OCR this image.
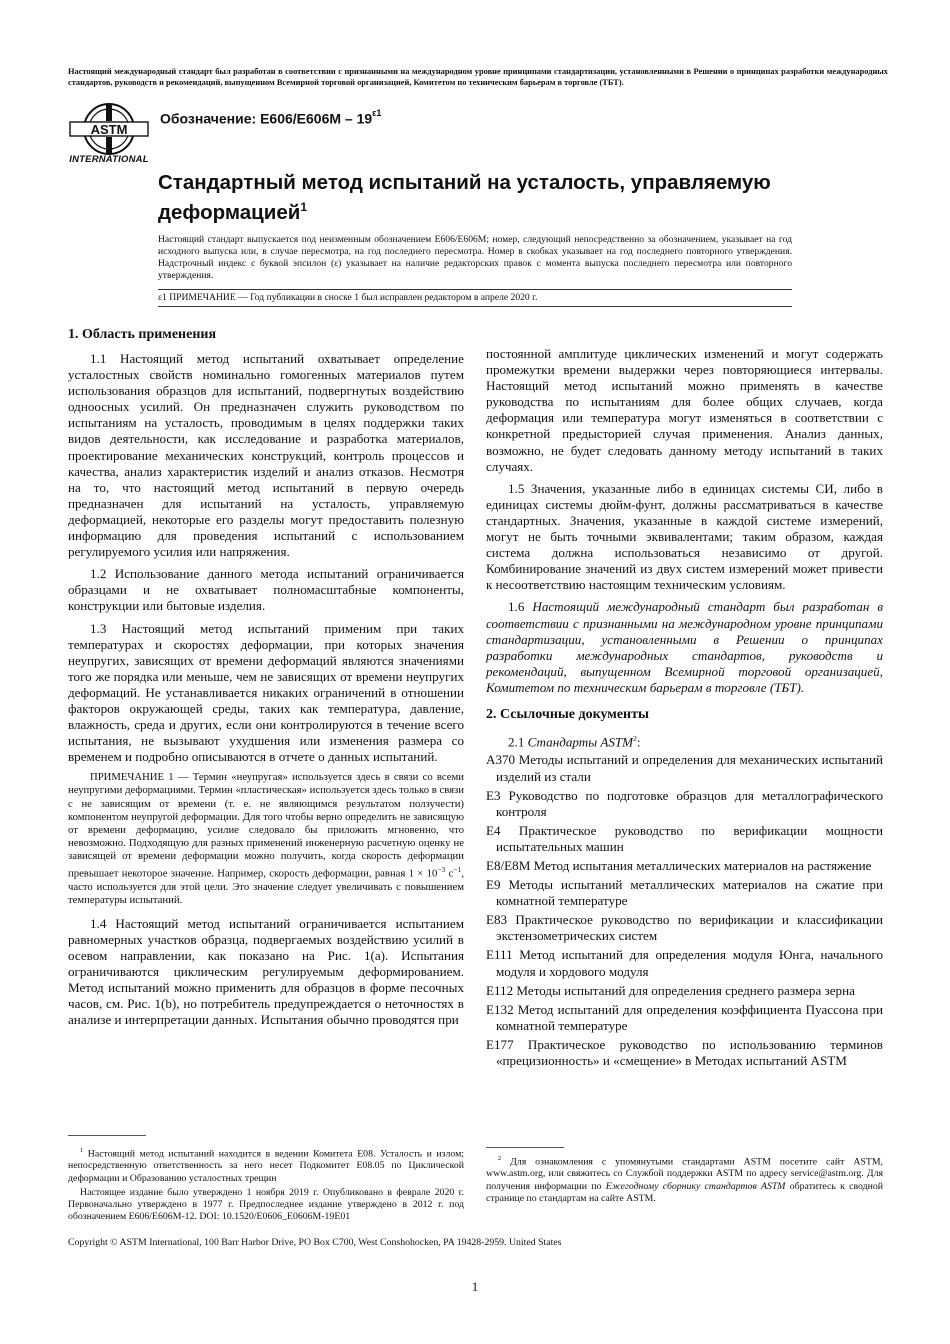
Настоящий международный стандарт был разработан в соответствии с признанными на международном уровне принципами стандартизации, установленными в Решении о принципах разработки международных стандартов, руководств и рекомендаций, выпущенном Всемирной торговой организацией, Комитетом по техническим барьерам в торговле (ТБТ).
ASTM
INTERNATIONAL
Обозначение: $E606/E606M - 19^{\varepsilon 1}$
Стандартный метод испытаний на усталость, управляемую деформацией$^1$
Настоящий стандарт выпускается под неизменным обозначением E606/E606M; номер, следующий непосредственно за обозначением, указывает на год исходного выпуска или, в случае пересмотра, на год последнего пересмотра. Номер в скобках указывает на год последнего повторного утверждения. Надстрочный индекс с буквой эпсилон (ε) указывает на наличие редакторских правок с момента выпуска последнего пересмотра или повторного утверждения.
ε1 ПРИМЕЧАНИЕ — Год публикации в сноске 1 был исправлен редактором в апреле 2020 г.
1. Область применения

1.1 Настоящий метод испытаний охватывает определение усталостных свойств номинально гомогенных материалов путем использования образцов для испытаний, подвергнутых воздействию одноосных усилий. Он предназначен служить руководством по испытаниям на усталость, проводимым в целях поддержки таких видов деятельности, как исследование и разработка материалов, проектирование механических конструкций, контроль процессов и качества, анализ характеристик изделий и анализ отказов. Несмотря на то, что настоящий метод испытаний в первую очередь предназначен для испытаний на усталость, управляемую деформацией, некоторые его разделы могут предоставить полезную информацию для проведения испытаний с использованием регулируемого усилия или напряжения.

1.2 Использование данного метода испытаний ограничивается образцами и не охватывает полномасштабные компоненты, конструкции или бытовые изделия.

1.3 Настоящий метод испытаний применим при таких температурах и скоростях деформации, при которых значения неупругих, зависящих от времени деформаций являются значениями того же порядка или меньше, чем не зависящих от времени неупругих деформаций. Не устанавливается никаких ограничений в отношении факторов окружающей среды, таких как температура, давление, влажность, среда и других, если они контролируются в течение всего испытания, не вызывают ухудшения или изменения размера со временем и подробно описываются в отчете о данных испытаний.

ПРИМЕЧАНИЕ 1 — Термин «неупругая» используется здесь в связи со всеми неупругими деформациями. Термин «пластическая» используется здесь только в связи с не зависящим от времени (т. е. не являющимся результатом ползучести) компонентом неупругой деформации. Для того чтобы верно определить не зависящую от времени деформацию, усилие следовало бы приложить мгновенно, что невозможно. Подходящую для разных применений инженерную расчетную оценку не зависящей от времени деформации можно получить, когда скорость деформации превышает некоторое значение. Например, скорость деформации, равная $1 \times 10^{-3}$ $с^{-1}$, часто используется для этой цели. Это значение следует увеличивать с повышением температуры испытаний.

1.4 Настоящий метод испытаний ограничивается испытанием равномерных участков образца, подвергаемых воздействию усилий в осевом направлении, как показано на Рис. 1(a). Испытания ограничиваются циклическим регулируемым деформированием. Метод испытаний можно применить для образцов в форме песочных часов, см. Рис. 1(b), но потребитель предупреждается о неточностях в анализе и интерпретации данных. Испытания обычно проводятся при

постоянной амплитуде циклических изменений и могут содержать промежутки времени выдержки через повторяющиеся интервалы. Настоящий метод испытаний можно применять в качестве руководства по испытаниям для более общих случаев, когда деформация или температура могут изменяться в соответствии с конкретной предысторией случая применения. Анализ данных, возможно, не будет следовать данному методу испытаний в таких случаях.

1.5 Значения, указанные либо в единицах системы СИ, либо в единицах системы дюйм-фунт, должны рассматриваться в качестве стандартных. Значения, указанные в каждой системе измерений, могут не быть точными эквивалентами; таким образом, каждая система должна использоваться независимо от другой. Комбинирование значений из двух систем измерений может привести к несоответствию настоящим техническим условиям.

1.6 Настоящий международный стандарт был разработан в соответствии с признанными на международном уровне принципами стандартизации, установленными в Решении о принципах разработки международных стандартов, руководств и рекомендаций, выпущенном Всемирной торговой организацией, Комитетом по техническим барьерам в торговле (ТБТ).

2. Ссылочные документы

2.1 Стандарты ASTM$^2$:

A370 Методы испытаний и определения для механических испытаний изделий из стали
E3 Руководство по подготовке образцов для металлографического контроля
E4 Практическое руководство по верификации мощности испытательных машин
E8/E8M Метод испытания металлических материалов на растяжение
E9 Методы испытаний металлических материалов на сжатие при комнатной температуре
E83 Практическое руководство по верификации и классификации экстензометрических систем
E111 Метод испытаний для определения модуля Юнга, начального модуля и хордового модуля
E112 Методы испытаний для определения среднего размера зерна
E132 Метод испытаний для определения коэффициента Пуассона при комнатной температуре
E177 Практическое руководство по использованию терминов «прецизионность» и «смещение» в Методах испытаний ASTM

$^1$ Настоящий метод испытаний находится в ведении Комитета E08. Усталость и излом; непосредственную ответственность за него несет Подкомитет E08.05 по Циклической деформации и Образованию усталостных трещин

Настоящее издание было утверждено 1 ноября 2019 г. Опубликовано в феврале 2020 г. Первоначально утверждено в 1977 г. Предпоследнее издание утверждено в 2012 г. под обозначением E606/E606M-12. DOI: 10.1520/E0606_E0606M-19E01

$^2$ Для ознакомления с упомянутыми стандартами ASTM посетите сайт ASTM, www.astm.org, или свяжитесь со Службой поддержки ASTM по адресу service@astm.org. Для получения информации по Ежегодному сборнику стандартов ASTM обратитесь к сводной странице по стандартам на сайте ASTM.

Copyright © ASTM International, 100 Barr Harbor Drive, PO Box C700, West Conshohocken, PA 19428-2959. United States
1
